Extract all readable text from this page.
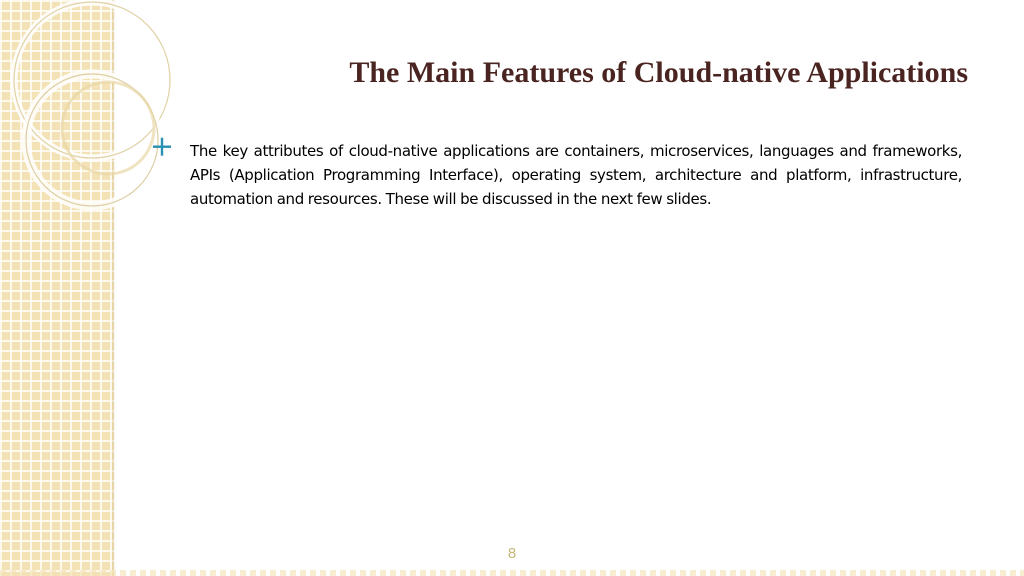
The Main Features of Cloud-native Applications

The key attributes of cloud-native applications are containers, microservices, languages and frameworks, APIs (Application Programming Interface), operating system, architecture and platform, infrastructure, automation and resources. These will be discussed in the next few slides.

8
